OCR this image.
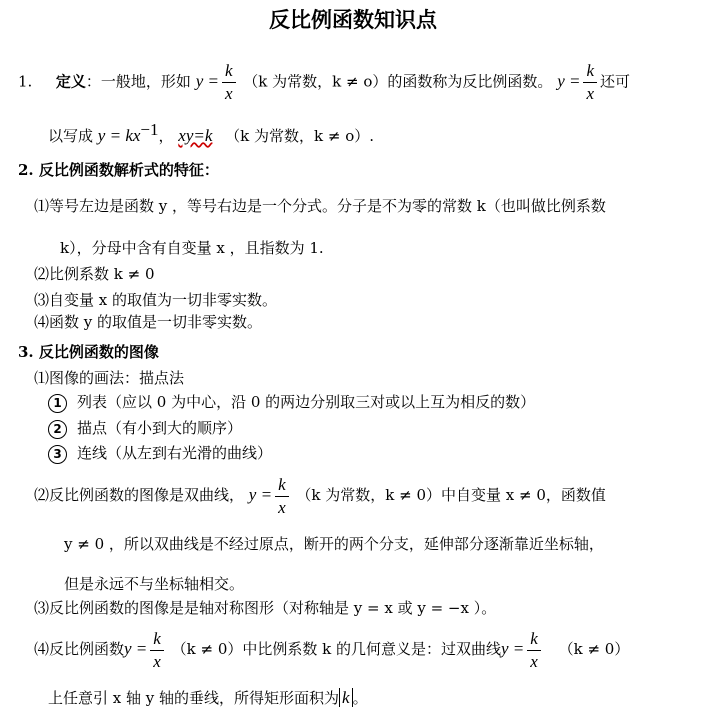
反比例函数知识点
1. 定义：一般地，形如 $y = \frac{k}{x} (k$ 为常数，k ≠ o）的函数称为反比例函数。 $y = \frac{k}{x}$ 还可
以写成 $y = kx^{-1}$， xy=k （k 为常数，k ≠ o）.
2. 反比例函数解析式的特征：
⑴等号左边是函数 y ，等号右边是一个分式。分子是不为零的常数 k（也叫做比例系数
k），分母中含有自变量 x ，且指数为 1.
⑵比例系数 k ≠ 0
⑶自变量 x 的取值为一切非零实数。
⑷函数 y 的取值是一切非零实数。
3. 反比例函数的图像
⑴图像的画法：描点法
1 列表（应以 0 为中心，沿 0 的两边分别取三对或以上互为相反的数）
2 描点（有小到大的顺序）
3 连线（从左到右光滑的曲线）
⑵反比例函数的图像是双曲线， $y = \frac{k}{x} (k$ 为常数，k ≠ 0）中自变量 x ≠ 0，函数值
y ≠ 0 ，所以双曲线是不经过原点，断开的两个分支，延伸部分逐渐靠近坐标轴，
但是永远不与坐标轴相交。
⑶反比例函数的图像是是轴对称图形（对称轴是 y = x 或 y = −x ）。
⑷反比例函数$y = \frac{k}{x} (k \ne 0)$中比例系数 k 的几何意义是：过双曲线$y = \frac{k}{x} (k \ne 0)$
上任意引 x 轴 y 轴的垂线，所得矩形面积为 k 。
